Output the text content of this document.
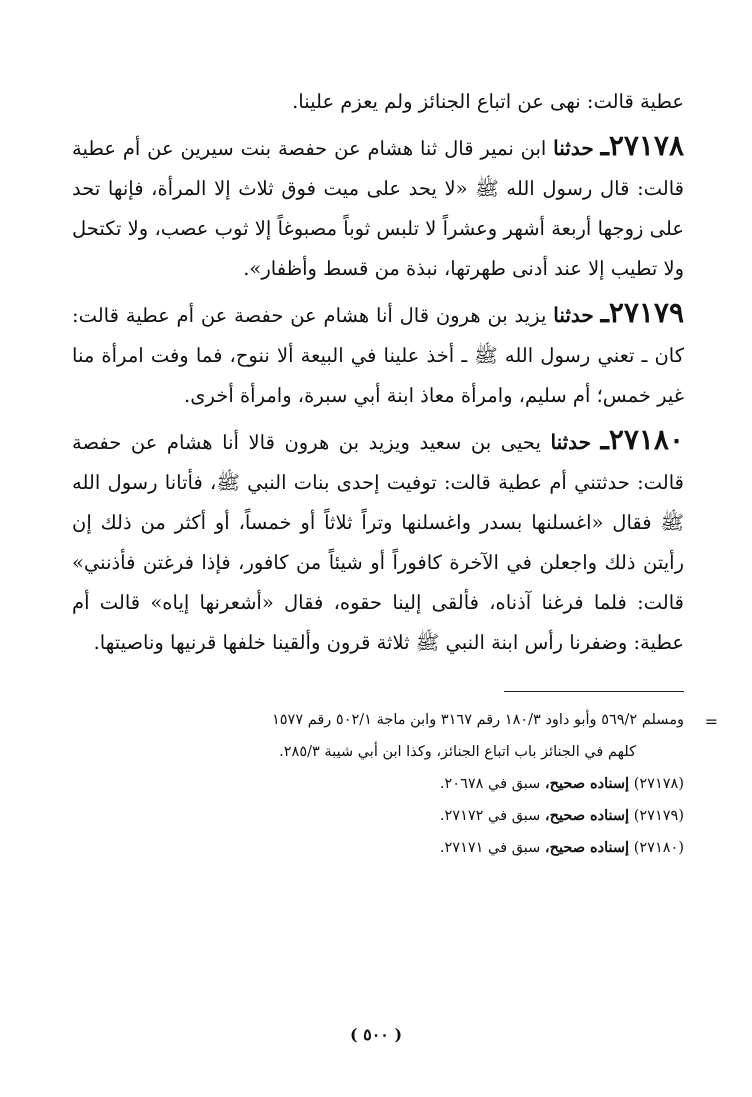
عطية قالت: نهى عن اتباع الجنائز ولم يعزم علينا.

٢٧١٧٨ـ حدثنا ابن نمير قال ثنا هشام عن حفصة بنت سيرين عن أم عطية قالت: قال رسول الله ﷺ «لا يحد على ميت فوق ثلاث إلا المرأة، فإنها تحد على زوجها أربعة أشهر وعشراً لا تلبس ثوباً مصبوغاً إلا ثوب عصب، ولا تكتحل ولا تطيب إلا عند أدنى طهرتها، نبذة من قسط وأظفار».

٢٧١٧٩ـ حدثنا يزيد بن هرون قال أنا هشام عن حفصة عن أم عطية قالت: كان ـ تعني رسول الله ﷺ ـ أخذ علينا في البيعة ألا ننوح، فما وفت امرأة منا غير خمس؛ أم سليم، وامرأة معاذ ابنة أبي سبرة، وامرأة أخرى.

٢٧١٨٠ـ حدثنا يحيى بن سعيد ويزيد بن هرون قالا أنا هشام عن حفصة قالت: حدثتني أم عطية قالت: توفيت إحدى بنات النبي ﷺ، فأتانا رسول الله ﷺ فقال «اغسلنها بسدر واغسلنها وتراً ثلاثاً أو خمساً، أو أكثر من ذلك إن رأيتن ذلك واجعلن في الآخرة كافوراً أو شيئاً من كافور، فإذا فرغتن فأذنني» قالت: فلما فرغنا آذناه، فألقى إلينا حقوه، فقال «أشعرنها إياه» قالت أم عطية: وضفرنا رأس ابنة النبي ﷺ ثلاثة قرون وألقينا خلفها قرنيها وناصيتها.

=
ومسلم ٥٦٩/٢ وأبو داود ١٨٠/٣ رقم ٣١٦٧ وابن ماجة ٥٠٢/١ رقم ١٥٧٧
كلهم في الجنائز باب اتباع الجنائز، وكذا ابن أبي شيبة ٢٨٥/٣.
(٢٧١٧٨) إسناده صحيح، سبق في ٢٠٦٧٨.
(٢٧١٧٩) إسناده صحيح، سبق في ٢٧١٧٢.
(٢٧١٨٠) إسناده صحيح، سبق في ٢٧١٧١.
( ٥٠٠ )
